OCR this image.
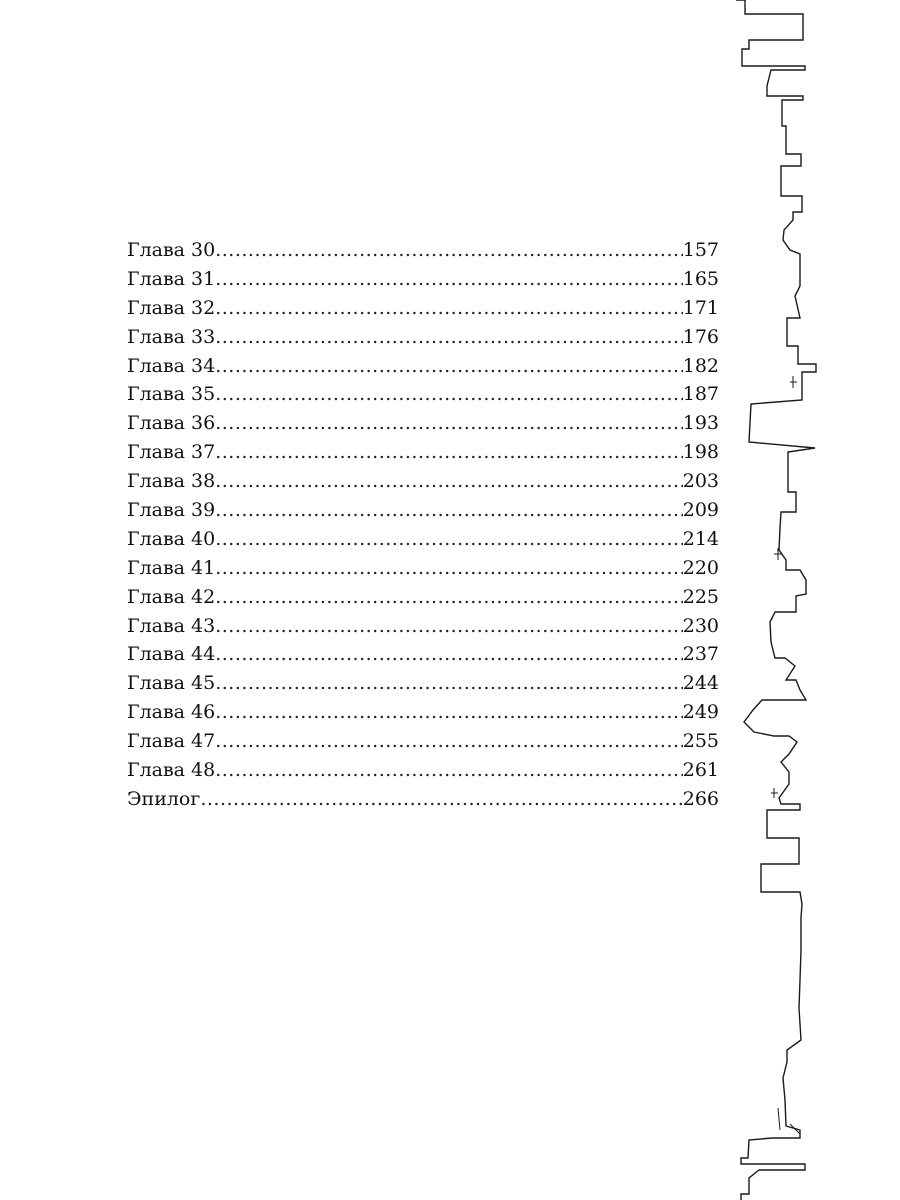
Глава 30 .....	157
Глава 31 .....	165
Глава 32 .....	171
Глава 33 .....	176
Глава 34 .....	182
Глава 35 .....	187
Глава 36 .....	193
Глава 37 .....	198
Глава 38 .....	203
Глава 39 .....	209
Глава 40 .....	214
Глава 41 .....	220
Глава 42 .....	225
Глава 43 .....	230
Глава 44 .....	237
Глава 45 .....	244
Глава 46 .....	249
Глава 47 .....	255
Глава 48 .....	261
Эпилог .....	266
